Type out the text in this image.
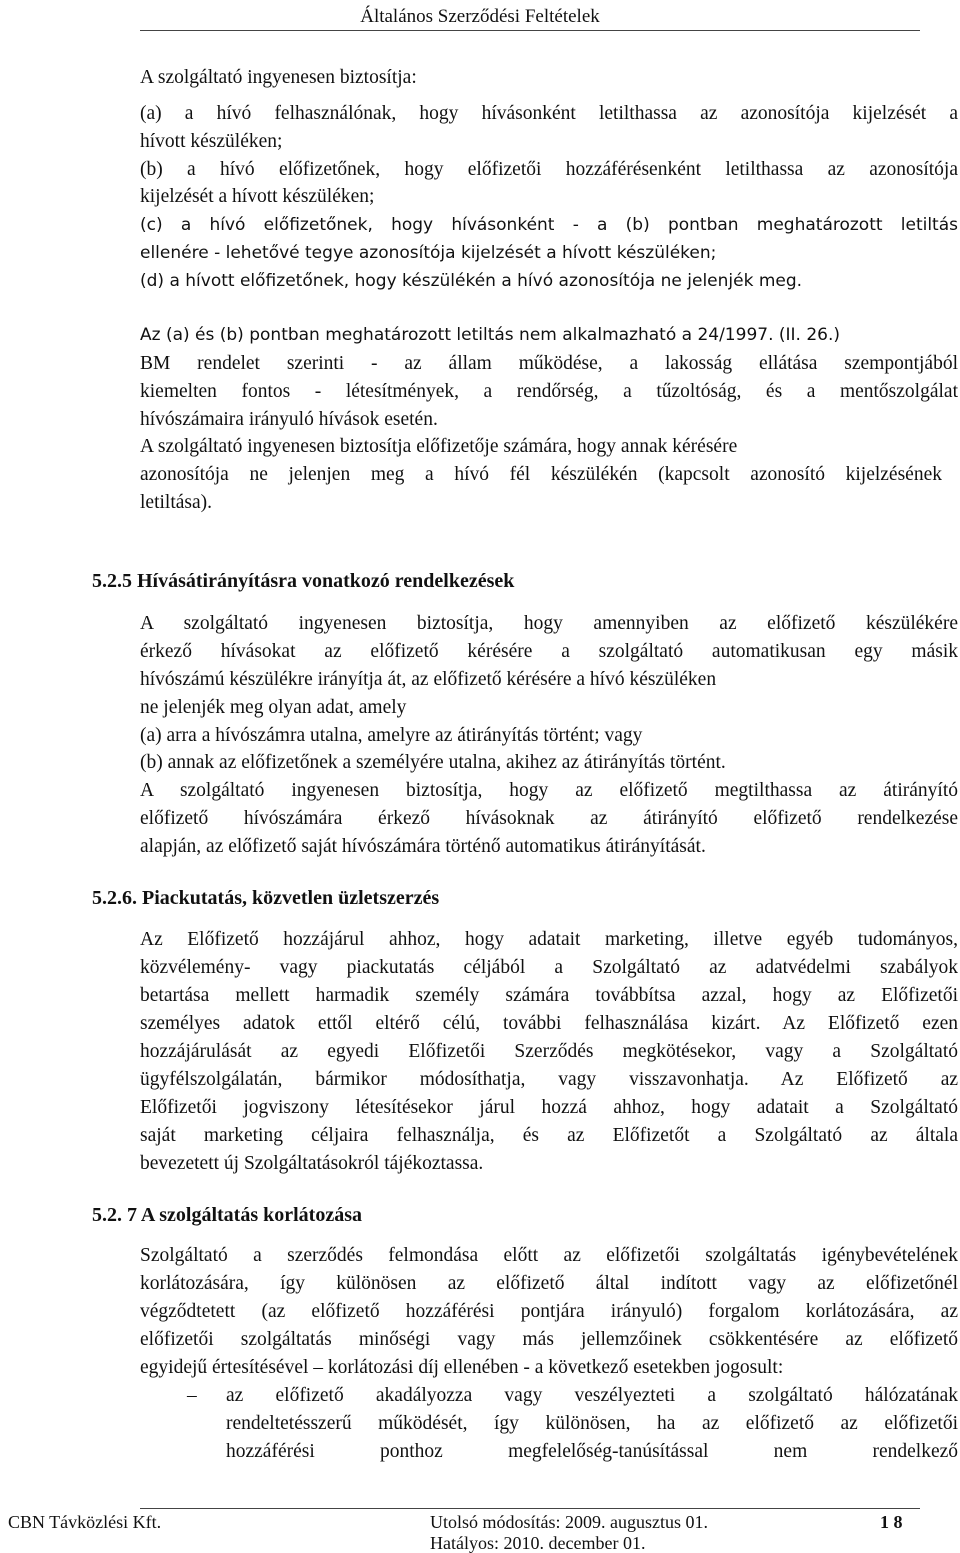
Általános Szerződési Feltételek
A szolgáltató ingyenesen biztosítja:
(a) a hívó felhasználónak, hogy hívásonként letilthassa az azonosítója kijelzését a
hívott készüléken;
(b) a hívó előfizetőnek, hogy előfizetői hozzáférésenként letilthassa az azonosítója
kijelzését a hívott készüléken;
(c) a hívó előfizetőnek, hogy hívásonként - a (b) pontban meghatározott letiltás
ellenére - lehetővé tegye azonosítója kijelzését a hívott készüléken;
(d) a hívott előfizetőnek, hogy készülékén a hívó azonosítója ne jelenjék meg.
Az (a) és (b) pontban meghatározott letiltás nem alkalmazható a 24/1997. (II. 26.)
BM rendelet szerinti - az állam működése, a lakosság ellátása szempontjából
kiemelten fontos - létesítmények, a rendőrség, a tűzoltóság, és a mentőszolgálat
hívószámaira irányuló hívások esetén.
A szolgáltató ingyenesen biztosítja előfizetője számára, hogy annak kérésére
azonosítója ne jelenjen meg a hívó fél készülékén (kapcsolt azonosító kijelzésének
letiltása).
5.2.5 Hívásátirányításra vonatkozó rendelkezések
A szolgáltató ingyenesen biztosítja, hogy amennyiben az előfizető készülékére
érkező hívásokat az előfizető kérésére a szolgáltató automatikusan egy másik
hívószámú készülékre irányítja át, az előfizető kérésére a hívó készüléken
ne jelenjék meg olyan adat, amely
(a) arra a hívószámra utalna, amelyre az átirányítás történt; vagy
(b) annak az előfizetőnek a személyére utalna, akihez az átirányítás történt.
A szolgáltató ingyenesen biztosítja, hogy az előfizető megtilthassa az átirányító
előfizető hívószámára érkező hívásoknak az átirányító előfizető rendelkezése
alapján, az előfizető saját hívószámára történő automatikus átirányítását.
5.2.6. Piackutatás, közvetlen üzletszerzés
Az Előfizető hozzájárul ahhoz, hogy adatait marketing, illetve egyéb tudományos,
közvélemény- vagy piackutatás céljából a Szolgáltató az adatvédelmi szabályok
betartása mellett harmadik személy számára továbbítsa azzal, hogy az Előfizetői
személyes adatok ettől eltérő célú, további felhasználása kizárt. Az Előfizető ezen
hozzájárulását az egyedi Előfizetői Szerződés megkötésekor, vagy a Szolgáltató
ügyfélszolgálatán, bármikor módosíthatja, vagy visszavonhatja. Az Előfizető az
Előfizetői jogviszony létesítésekor járul hozzá ahhoz, hogy adatait a Szolgáltató
saját marketing céljaira felhasználja, és az Előfizetőt a Szolgáltató az általa
bevezetett új Szolgáltatásokról tájékoztassa.
5.2. 7 A szolgáltatás korlátozása
Szolgáltató a szerződés felmondása előtt az előfizetői szolgáltatás igénybevételének
korlátozására, így különösen az előfizető által indított vagy az előfizetőnél
végződtetett (az előfizető hozzáférési pontjára irányuló) forgalom korlátozására, az
előfizetői szolgáltatás minőségi vagy más jellemzőinek csökkentésére az előfizető
egyidejű értesítésével – korlátozási díj ellenében - a következő esetekben jogosult:
– az előfizető akadályozza vagy veszélyezteti a szolgáltató hálózatának
rendeltetésszerű működését, így különösen, ha az előfizető az előfizetői
hozzáférési ponthoz megfelelőség-tanúsítással nem rendelkező
CBN Távközlési Kft.	Utolsó módosítás: 2009. augusztus 01.
Hatályos: 2010. december 01.
1 8
